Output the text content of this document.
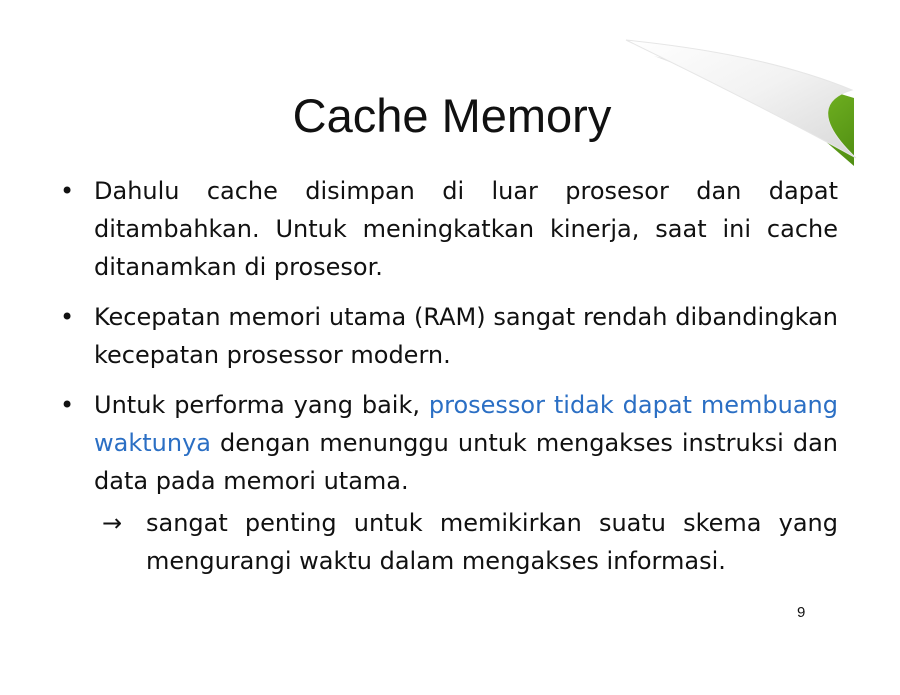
Cache Memory

• Dahulu cache disimpan di luar prosesor dan dapat ditambahkan. Untuk meningkatkan kinerja, saat ini cache ditanamkan di prosesor.

• Kecepatan memori utama (RAM) sangat rendah dibandingkan kecepatan prosessor modern.

• Untuk performa yang baik, prosessor tidak dapat membuang waktunya dengan menunggu untuk mengakses instruksi dan data pada memori utama.

→ sangat penting untuk memikirkan suatu skema yang mengurangi waktu dalam mengakses informasi.

9
